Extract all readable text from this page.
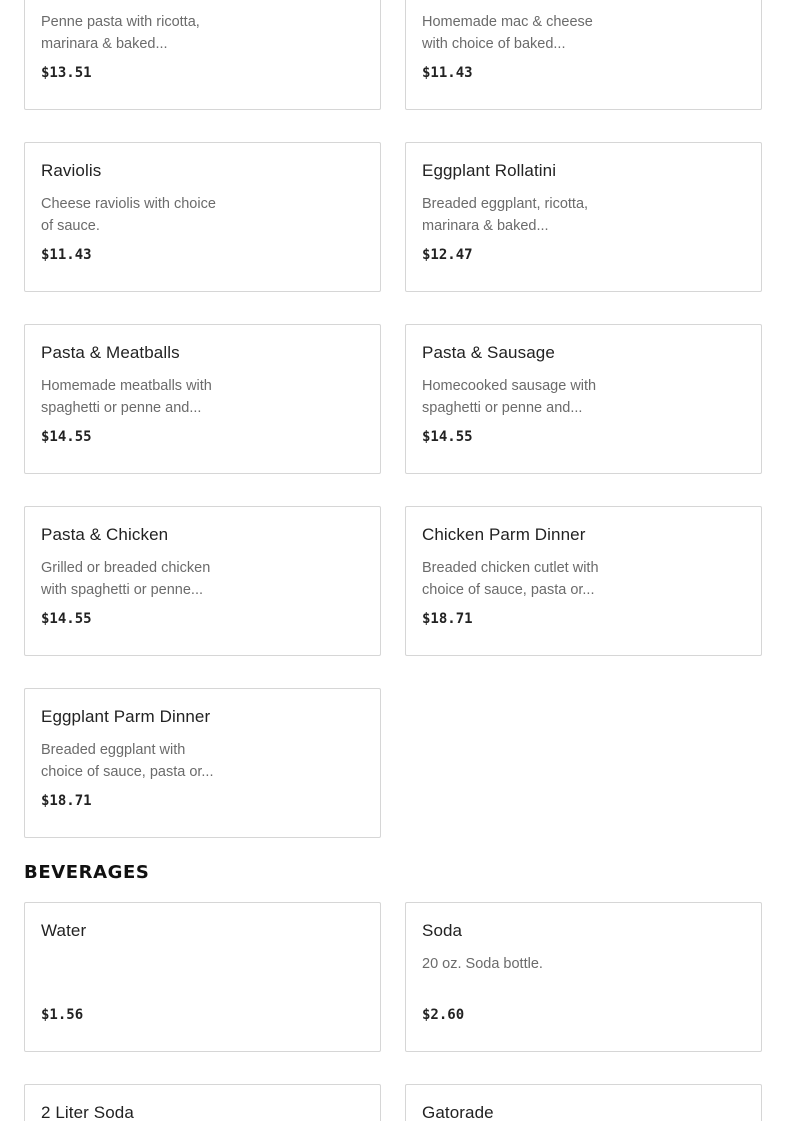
Penne pasta with ricotta,
marinara & baked...
$13.51
Homemade mac & cheese
with choice of baked...
$11.43
Raviolis
Cheese raviolis with choice
of sauce.
$11.43
Eggplant Rollatini
Breaded eggplant, ricotta,
marinara & baked...
$12.47
Pasta & Meatballs
Homemade meatballs with
spaghetti or penne and...
$14.55
Pasta & Sausage
Homecooked sausage with
spaghetti or penne and...
$14.55
Pasta & Chicken
Grilled or breaded chicken
with spaghetti or penne...
$14.55
Chicken Parm Dinner
Breaded chicken cutlet with
choice of sauce, pasta or...
$18.71
Eggplant Parm Dinner
Breaded eggplant with
choice of sauce, pasta or...
$18.71
BEVERAGES
Water
$1.56
Soda
20 oz. Soda bottle.
$2.60
2 Liter Soda	Gatorade
